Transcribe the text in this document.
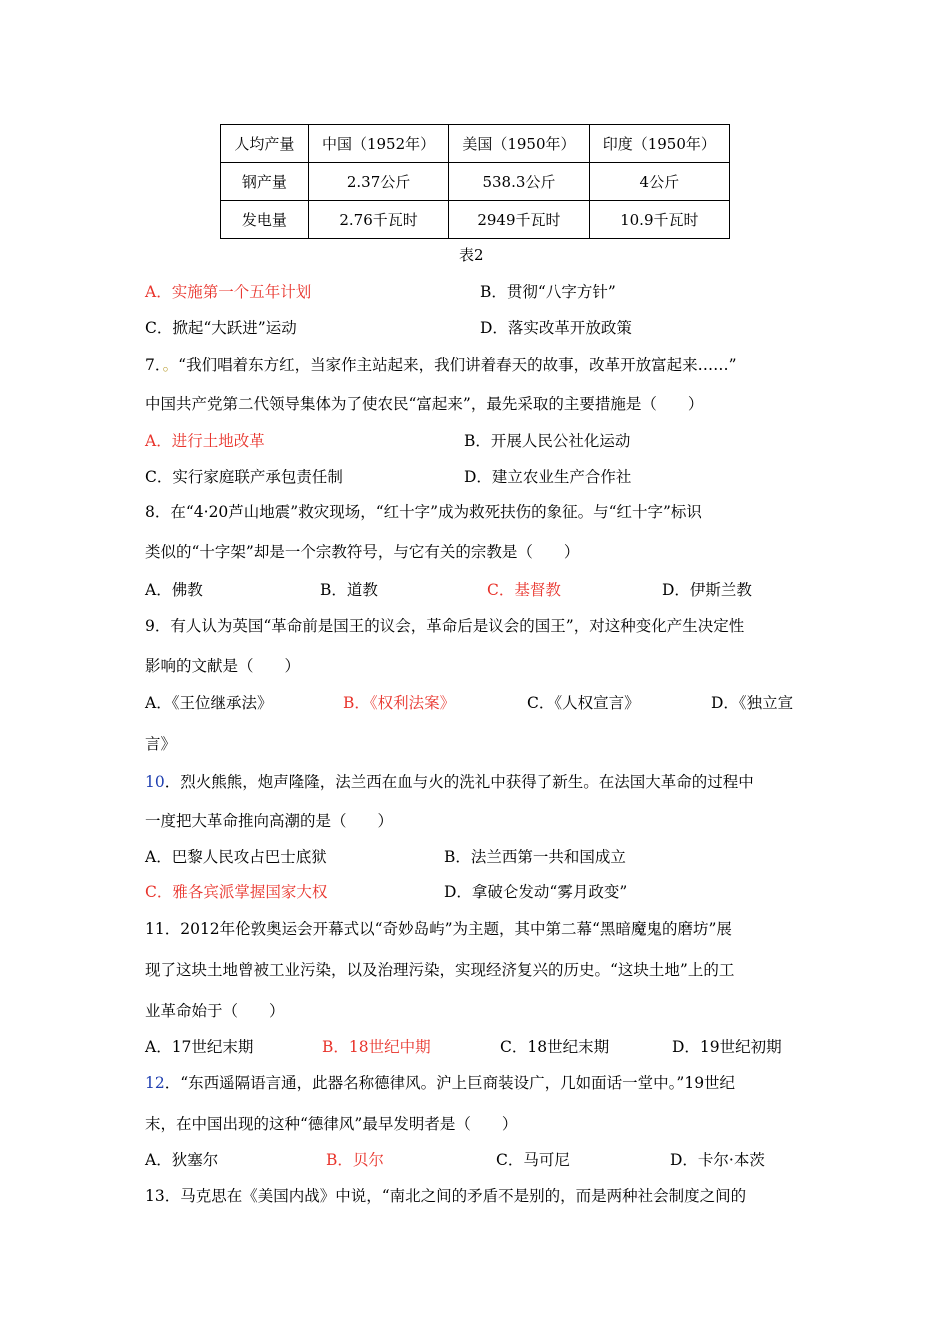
人均产量	中国（1952年）	美国（1950年）	印度（1950年）
钢产量	2.37公斤	538.3公斤	4公斤
发电量	2.76千瓦时	2949千瓦时	10.9千瓦时
表2
A．实施第一个五年计划	B．贯彻“八字方针”
C．掀起“大跃进”运动	D．落实改革开放政策
7．。“我们唱着东方红，当家作主站起来，我们讲着春天的故事，改革开放富起来……”
中国共产党第二代领导集体为了使农民“富起来”，最先采取的主要措施是（　　）
A．进行土地改革	B．开展人民公社化运动
C．实行家庭联产承包责任制	D．建立农业生产合作社
8．在“4·20芦山地震”救灾现场，“红十字”成为救死扶伤的象征。与“红十字”标识
类似的“十字架”却是一个宗教符号，与它有关的宗教是（　　）
A．佛教	B．道教	C．基督教	D．伊斯兰教
9．有人认为英国“革命前是国王的议会，革命后是议会的国王”，对这种变化产生决定性
影响的文献是（　　）
A．《王位继承法》	B．《权利法案》	C．《人权宣言》	D．《独立宣
言》
10．烈火熊熊，炮声隆隆，法兰西在血与火的洗礼中获得了新生。在法国大革命的过程中
一度把大革命推向高潮的是（　　）
A．巴黎人民攻占巴士底狱	B．法兰西第一共和国成立
C．雅各宾派掌握国家大权	D．拿破仑发动“雾月政变”
11．2012年伦敦奥运会开幕式以“奇妙岛屿”为主题，其中第二幕“黑暗魔鬼的磨坊”展
现了这块土地曾被工业污染，以及治理污染，实现经济复兴的历史。“这块土地”上的工
业革命始于（　　）
A．17世纪末期	B．18世纪中期	C．18世纪末期	D．19世纪初期
12．“东西遥隔语言通，此器名称德律风。沪上巨商装设广，几如面话一堂中。”19世纪
末，在中国出现的这种“德律风”最早发明者是（　　）
A．狄塞尔	B．贝尔	C．马可尼	D．卡尔·本茨
13．马克思在《美国内战》中说，“南北之间的矛盾不是别的，而是两种社会制度之间的
